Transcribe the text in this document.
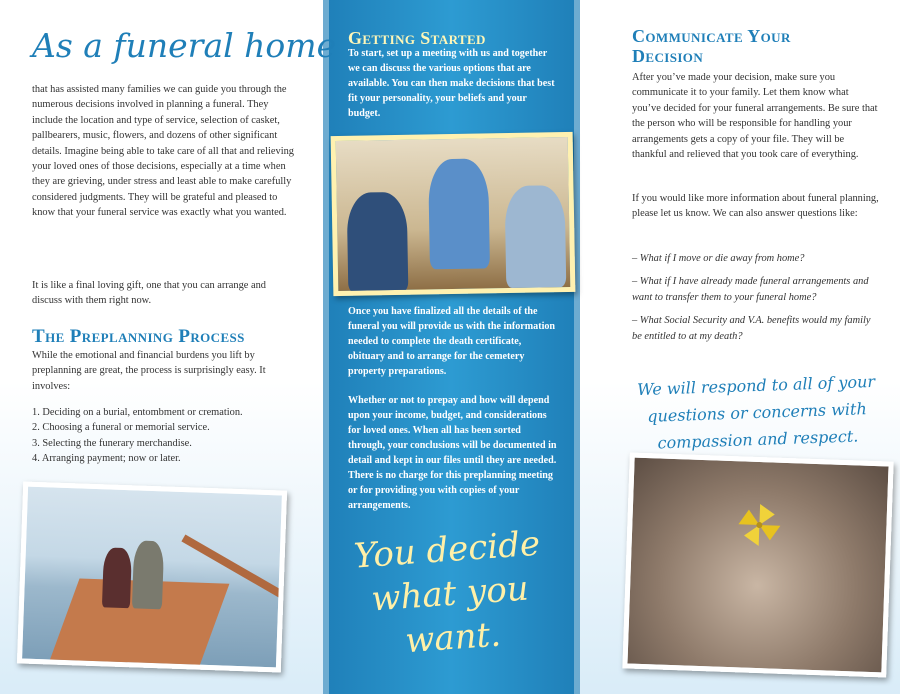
As a funeral home

that has assisted many families we can guide you through the numerous decisions involved in planning a funeral. They include the location and type of service, selection of casket, pallbearers, music, flowers, and dozens of other significant details. Imagine being able to take care of all that and relieving your loved ones of those decisions, especially at a time when they are grieving, under stress and least able to make carefully considered judgments. They will be grateful and pleased to know that your funeral service was exactly what you wanted.

It is like a final loving gift, one that you can arrange and discuss with them right now.

The Preplanning Process

While the emotional and financial burdens you lift by preplanning are great, the process is surprisingly easy. It involves:

1. Deciding on a burial, entombment or cremation.
2. Choosing a funeral or memorial service.
3. Selecting the funerary merchandise.
4. Arranging payment; now or later.
Getting Started

To start, set up a meeting with us and together we can discuss the various options that are available. You can then make decisions that best fit your personality, your beliefs and your budget.

Once you have finalized all the details of the funeral you will provide us with the information needed to complete the death certificate, obituary and to arrange for the cemetery property preparations.

Whether or not to prepay and how will depend upon your income, budget, and considerations for loved ones. When all has been sorted through, your conclusions will be documented in detail and kept in our files until they are needed. There is no charge for this preplanning meeting or for providing you with copies of your arrangements.

You decide what you want.
Communicate Your Decision

After you’ve made your decision, make sure you communicate it to your family. Let them know what you’ve decided for your funeral arrangements. Be sure that the person who will be responsible for handling your arrangements gets a copy of your file. They will be thankful and relieved that you took care of everything.

If you would like more information about funeral planning, please let us know. We can also answer questions like:

– What if I move or die away from home?
– What if I have already made funeral arrangements and want to transfer them to your funeral home?
– What Social Security and V.A. benefits would my family be entitled to at my death?
We will respond to all of your questions or concerns with compassion and respect.
